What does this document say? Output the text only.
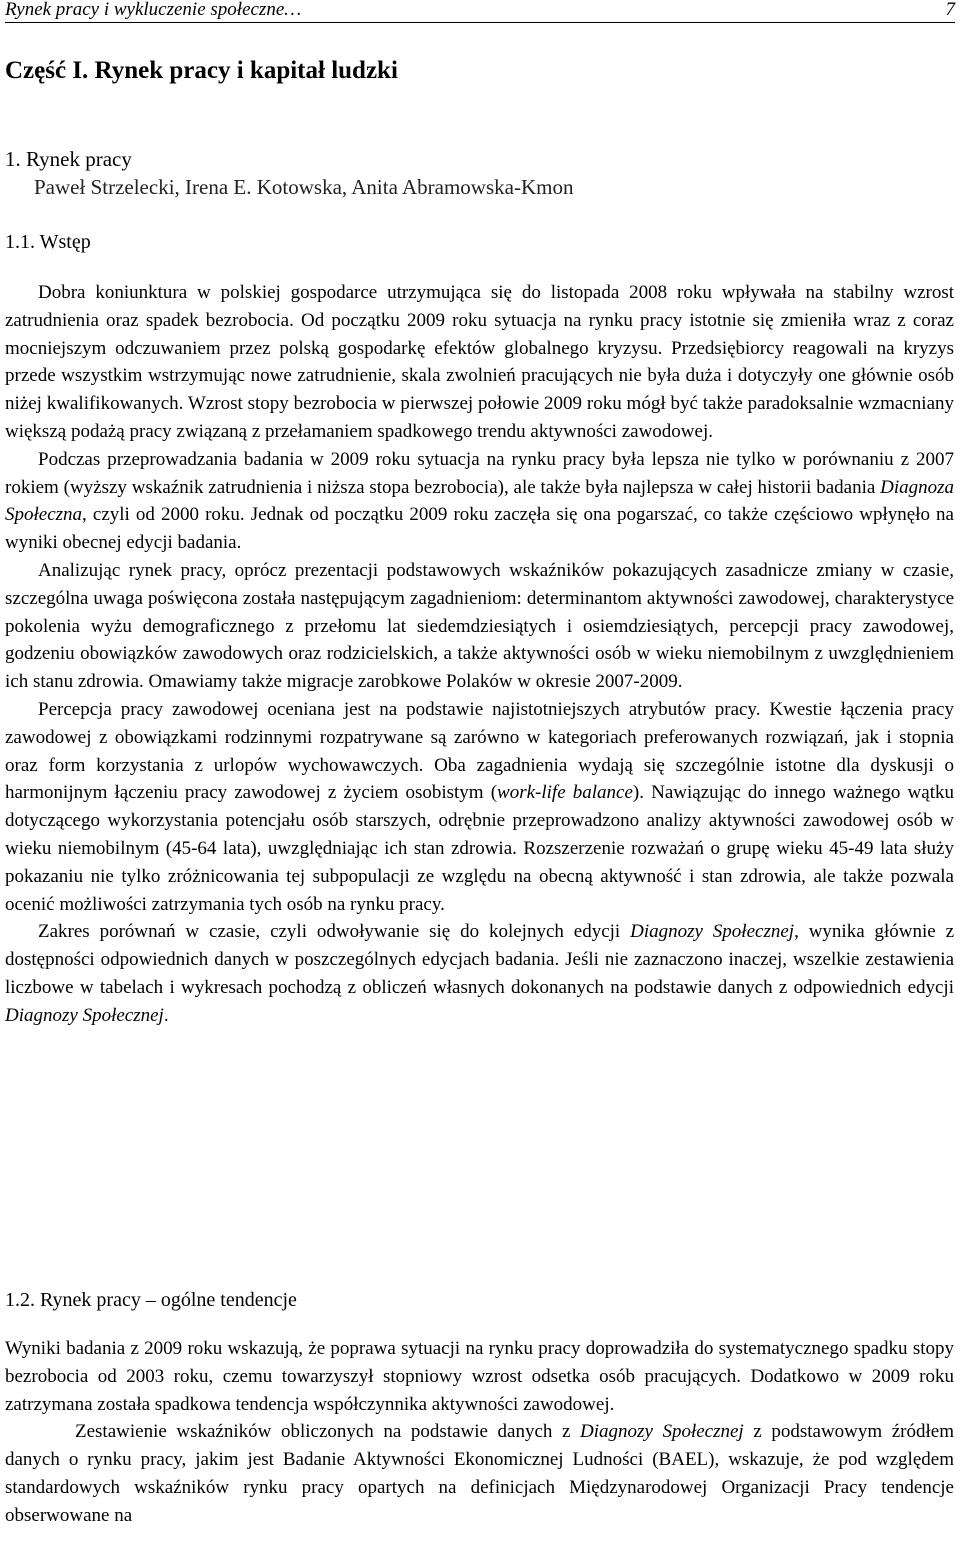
Rynek pracy i wykluczenie społeczne…	7
Część I. Rynek pracy i kapitał ludzki
1. Rynek pracy
Paweł Strzelecki, Irena E. Kotowska, Anita Abramowska-Kmon
1.1. Wstęp

Dobra koniunktura w polskiej gospodarce utrzymująca się do listopada 2008 roku wpływała na stabilny wzrost zatrudnienia oraz spadek bezrobocia. Od początku 2009 roku sytuacja na rynku pracy istotnie się zmieniła wraz z coraz mocniejszym odczuwaniem przez polską gospodarkę efektów globalnego kryzysu. Przedsiębiorcy reagowali na kryzys przede wszystkim wstrzymując nowe zatrudnienie, skala zwolnień pracujących nie była duża i dotyczyły one głównie osób niżej kwalifikowanych. Wzrost stopy bezrobocia w pierwszej połowie 2009 roku mógł być także paradoksalnie wzmacniany większą podażą pracy związaną z przełamaniem spadkowego trendu aktywności zawodowej.

Podczas przeprowadzania badania w 2009 roku sytuacja na rynku pracy była lepsza nie tylko w porównaniu z 2007 rokiem (wyższy wskaźnik zatrudnienia i niższa stopa bezrobocia), ale także była najlepsza w całej historii badania Diagnoza Społeczna, czyli od 2000 roku. Jednak od początku 2009 roku zaczęła się ona pogarszać, co także częściowo wpłynęło na wyniki obecnej edycji badania.

Analizując rynek pracy, oprócz prezentacji podstawowych wskaźników pokazujących zasadnicze zmiany w czasie, szczególna uwaga poświęcona została następującym zagadnieniom: determinantom aktywności zawodowej, charakterystyce pokolenia wyżu demograficznego z przełomu lat siedemdziesiątych i osiemdziesiątych, percepcji pracy zawodowej, godzeniu obowiązków zawodowych oraz rodzicielskich, a także aktywności osób w wieku niemobilnym z uwzględnieniem ich stanu zdrowia. Omawiamy także migracje zarobkowe Polaków w okresie 2007-2009.

Percepcja pracy zawodowej oceniana jest na podstawie najistotniejszych atrybutów pracy. Kwestie łączenia pracy zawodowej z obowiązkami rodzinnymi rozpatrywane są zarówno w kategoriach preferowanych rozwiązań, jak i stopnia oraz form korzystania z urlopów wychowawczych. Oba zagadnienia wydają się szczególnie istotne dla dyskusji o harmonijnym łączeniu pracy zawodowej z życiem osobistym (work-life balance). Nawiązując do innego ważnego wątku dotyczącego wykorzystania potencjału osób starszych, odrębnie przeprowadzono analizy aktywności zawodowej osób w wieku niemobilnym (45-64 lata), uwzględniając ich stan zdrowia. Rozszerzenie rozważań o grupę wieku 45-49 lata służy pokazaniu nie tylko zróżnicowania tej subpopulacji ze względu na obecną aktywność i stan zdrowia, ale także pozwala ocenić możliwości zatrzymania tych osób na rynku pracy.

Zakres porównań w czasie, czyli odwoływanie się do kolejnych edycji Diagnozy Społecznej, wynika głównie z dostępności odpowiednich danych w poszczególnych edycjach badania. Jeśli nie zaznaczono inaczej, wszelkie zestawienia liczbowe w tabelach i wykresach pochodzą z obliczeń własnych dokonanych na podstawie danych z odpowiednich edycji Diagnozy Społecznej.

1.2. Rynek pracy – ogólne tendencje

Wyniki badania z 2009 roku wskazują, że poprawa sytuacji na rynku pracy doprowadziła do systematycznego spadku stopy bezrobocia od 2003 roku, czemu towarzyszył stopniowy wzrost odsetka osób pracujących. Dodatkowo w 2009 roku zatrzymana została spadkowa tendencja współczynnika aktywności zawodowej.

Zestawienie wskaźników obliczonych na podstawie danych z Diagnozy Społecznej z podstawowym źródłem danych o rynku pracy, jakim jest Badanie Aktywności Ekonomicznej Ludności (BAEL), wskazuje, że pod względem standardowych wskaźników rynku pracy opartych na definicjach Międzynarodowej Organizacji Pracy tendencje obserwowane na
